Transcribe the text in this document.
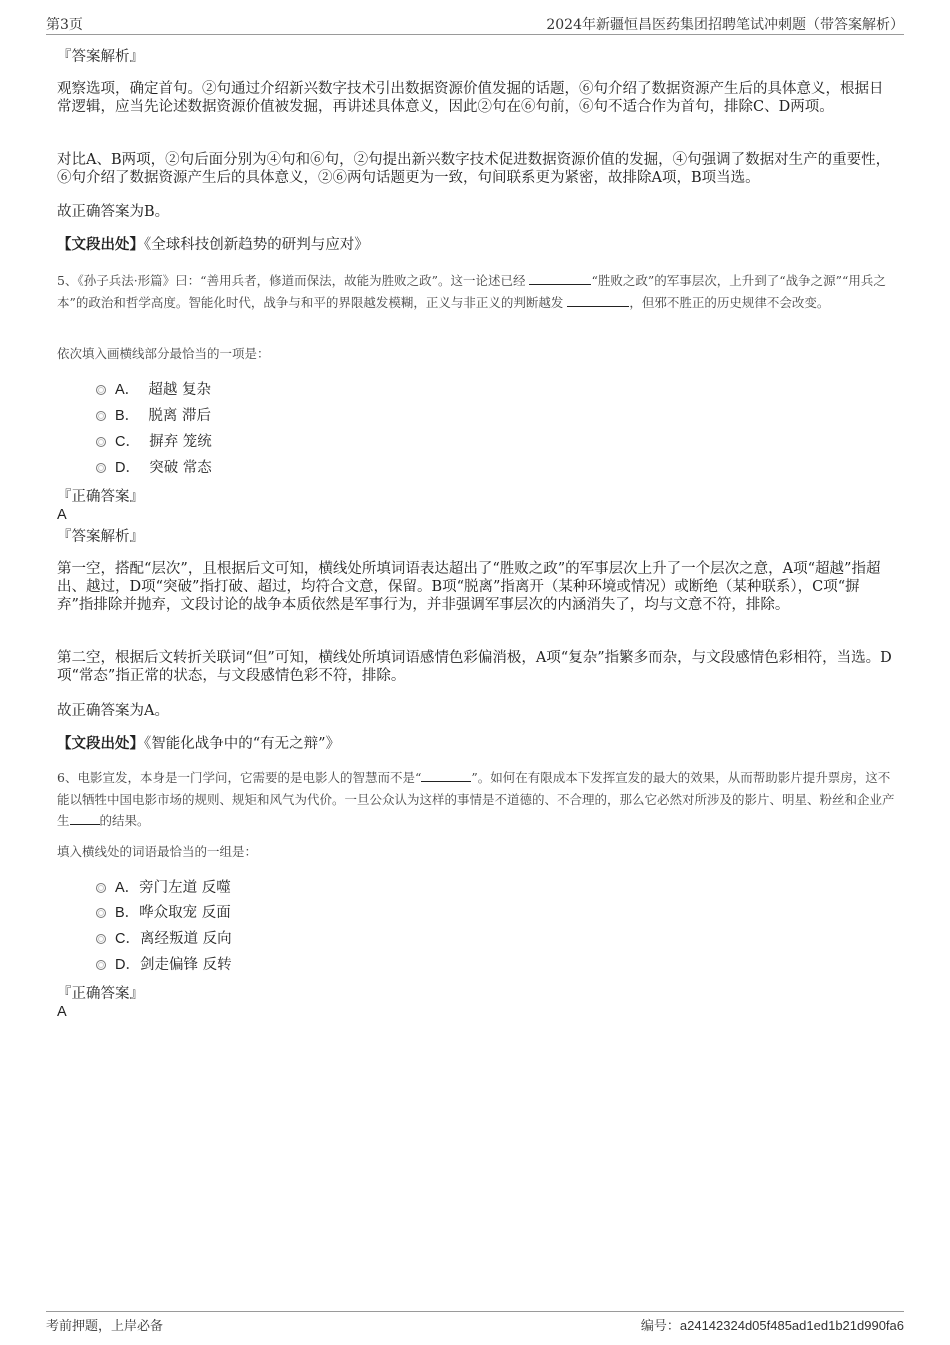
第3页	2024年新疆恒昌医药集团招聘笔试冲刺题（带答案解析）

『答案解析』

观察选项，确定首句。②句通过介绍新兴数字技术引出数据资源价值发掘的话题，⑥句介绍了数据资源产生后的具体意义，根据日常逻辑，应当先论述数据资源价值被发掘，再讲述具体意义，因此②句在⑥句前，⑥句不适合作为首句，排除C、D两项。

对比A、B两项，②句后面分别为④句和⑥句，②句提出新兴数字技术促进数据资源价值的发掘，④句强调了数据对生产的重要性，⑥句介绍了数据资源产生后的具体意义，②⑥两句话题更为一致，句间联系更为紧密，故排除A项，B项当选。

故正确答案为B。

【文段出处】《全球科技创新趋势的研判与应对》

5、《孙子兵法·形篇》曰：“善用兵者，修道而保法，故能为胜败之政”。这一论述已经	“胜败之政”的军事层次，上升到了“战争之源”“用兵之本”的政治和哲学高度。智能化时代，战争与和平的界限越发模糊，正义与非正义的判断越发	，但邪不胜正的历史规律不会改变。

依次填入画横线部分最恰当的一项是：

A． 超越 复杂
B． 脱离 滞后
C． 摒弃 笼统
D． 突破 常态

『正确答案』

A

『答案解析』

第一空，搭配“层次”，且根据后文可知，横线处所填词语表达超出了“胜败之政”的军事层次上升了一个层次之意，A项“超越”指超出、越过，D项“突破”指打破、超过，均符合文意，保留。B项“脱离”指离开（某种环境或情况）或断绝（某种联系），C项“摒弃”指排除并抛弃，文段讨论的战争本质依然是军事行为，并非强调军事层次的内涵消失了，均与文意不符，排除。

第二空，根据后文转折关联词“但”可知，横线处所填词语感情色彩偏消极，A项“复杂”指繁多而杂，与文段感情色彩相符，当选。D项“常态”指正常的状态，与文段感情色彩不符，排除。

故正确答案为A。

【文段出处】《智能化战争中的“有无之辩”》

6、电影宣发，本身是一门学问，它需要的是电影人的智慧而不是“	”。如何在有限成本下发挥宣发的最大的效果，从而帮助影片提升票房，这不能以牺牲中国电影市场的规则、规矩和风气为代价。一旦公众认为这样的事情是不道德的、不合理的，那么它必然对所涉及的影片、明星、粉丝和企业产生 的结果。

填入横线处的词语最恰当的一组是：

A．旁门左道 反噬
B．哗众取宠 反面
C．离经叛道 反向
D．剑走偏锋 反转

『正确答案』

A

考前押题，上岸必备	编号：a24142324d05f485ad1ed1b21d990fa6
